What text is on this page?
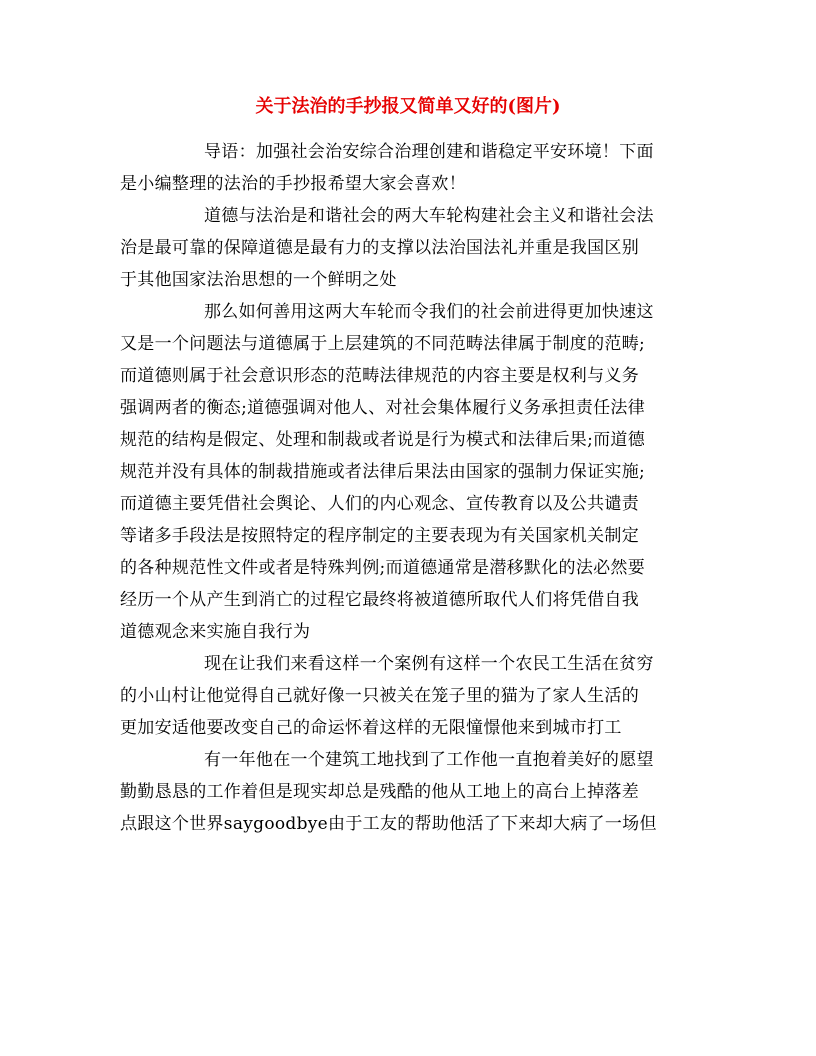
关于法治的手抄报又简单又好的(图片)
导语：加强社会治安综合治理创建和谐稳定平安环境！下面
是小编整理的法治的手抄报希望大家会喜欢！
道德与法治是和谐社会的两大车轮构建社会主义和谐社会法
治是最可靠的保障道德是最有力的支撑以法治国法礼并重是我国区别
于其他国家法治思想的一个鲜明之处
那么如何善用这两大车轮而令我们的社会前进得更加快速这
又是一个问题法与道德属于上层建筑的不同范畴法律属于制度的范畴;
而道德则属于社会意识形态的范畴法律规范的内容主要是权利与义务
强调两者的衡态;道德强调对他人、对社会集体履行义务承担责任法律
规范的结构是假定、处理和制裁或者说是行为模式和法律后果;而道德
规范并没有具体的制裁措施或者法律后果法由国家的强制力保证实施;
而道德主要凭借社会舆论、人们的内心观念、宣传教育以及公共谴责
等诸多手段法是按照特定的程序制定的主要表现为有关国家机关制定
的各种规范性文件或者是特殊判例;而道德通常是潜移默化的法必然要
经历一个从产生到消亡的过程它最终将被道德所取代人们将凭借自我
道德观念来实施自我行为
现在让我们来看这样一个案例有这样一个农民工生活在贫穷
的小山村让他觉得自己就好像一只被关在笼子里的猫为了家人生活的
更加安适他要改变自己的命运怀着这样的无限憧憬他来到城市打工
有一年他在一个建筑工地找到了工作他一直抱着美好的愿望
勤勤恳恳的工作着但是现实却总是残酷的他从工地上的高台上掉落差
点跟这个世界saygoodbye由于工友的帮助他活了下来却大病了一场但
